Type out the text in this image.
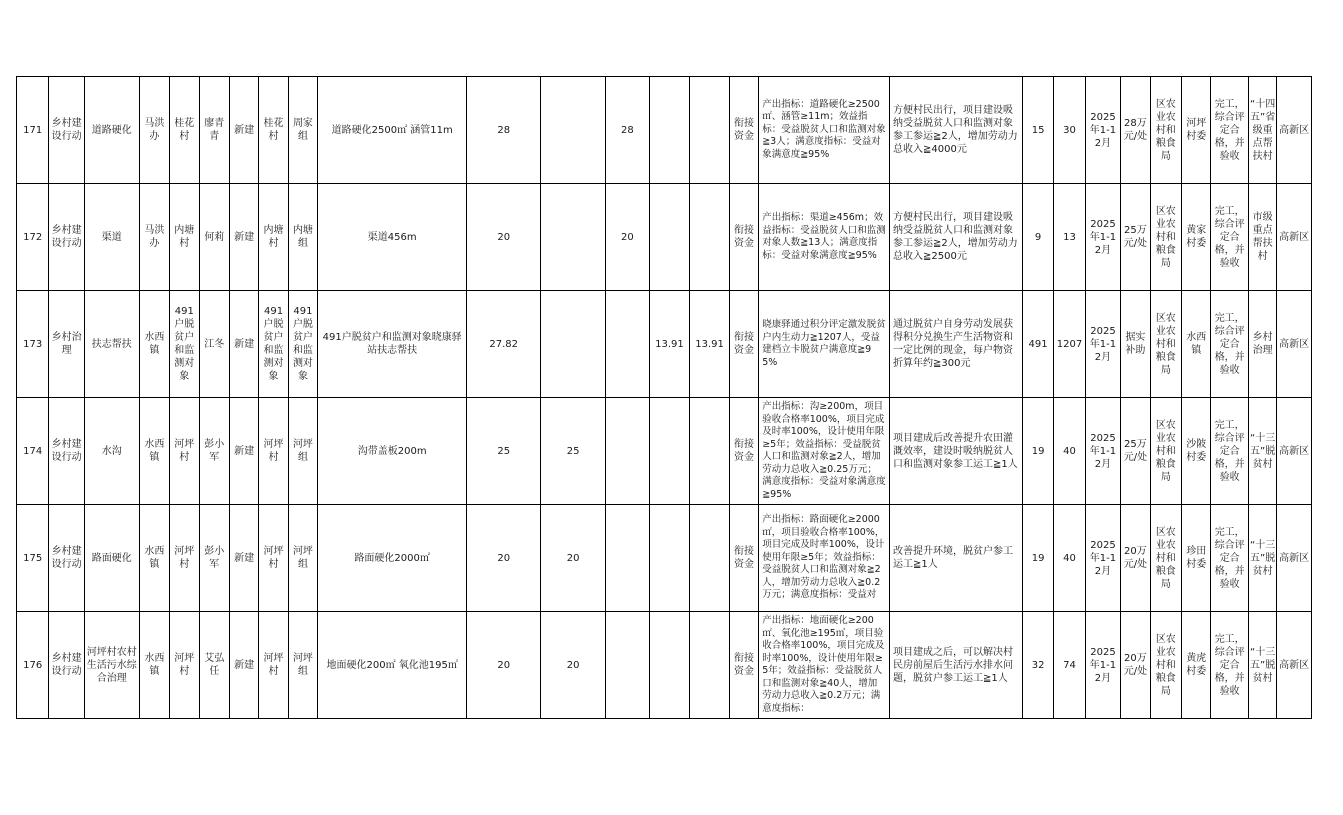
171	乡村建设行动	道路硬化	马洪办	桂花村	廖青青	新建	桂花村	周家组	道路硬化2500㎡ 涵管11m	28		28			衔接资金	产出指标：道路硬化≥2500㎡、涵管≥11m；效益指标：受益脱贫人口和监测对象≧3人；满意度指标：受益对象满意度≧95%	方便村民出行，项目建设吸纳受益脱贫人口和监测对象参工参运≧2人，增加劳动力总收入≧4000元	15	30	2025年1-12月	28万元/处	区农业农村和粮食局	河坪村委	完工，综合评定合格，并验收	“十四五”省级重点帮扶村	高新区
172	乡村建设行动	渠道	马洪办	内塘村	何莉	新建	内塘村	内塘组	渠道456m	20		20			衔接资金	产出指标：渠道≥456m；效益指标：受益脱贫人口和监测对象人数≧13人；满意度指标：受益对象满意度≧95%	方便村民出行，项目建设吸纳受益脱贫人口和监测对象参工参运≧2人，增加劳动力总收入≧2500元	9	13	2025年1-12月	25万元/处	区农业农村和粮食局	黄家村委	完工，综合评定合格，并验收	市级重点帮扶村	高新区
173	乡村治理	扶志帮扶	水西镇	491户脱贫户和监测对象	江冬	新建	491户脱贫户和监测对象	491户脱贫户和监测对象	491户脱贫户和监测对象晓康驿站扶志帮扶	27.82			13.91	13.91	衔接资金	晓康驿通过积分评定激发脱贫户内生动力≧1207人，受益建档立卡脱贫户满意度≧95%	通过脱贫户自身劳动发展获得积分兑换生产生活物资和一定比例的现金，每户物资折算年约≧300元	491	1207	2025年1-12月	据实补助	区农业农村和粮食局	水西镇	完工，综合评定合格，并验收	乡村治理	高新区
174	乡村建设行动	水沟	水西镇	河坪村	彭小军	新建	河坪村	河坪组	沟带盖板200m	25	25				衔接资金	产出指标：沟≥200m，项目验收合格率100%，项目完成及时率100%，设计使用年限≥5年；效益指标：受益脱贫人口和监测对象≧2人，增加劳动力总收入≧0.25万元；满意度指标：受益对象满意度≧95%	项目建成后改善提升农田灌溉效率，建设时吸纳脱贫人口和监测对象参工运工≧1人	19	40	2025年1-12月	25万元/处	区农业农村和粮食局	沙陂村委	完工，综合评定合格，并验收	“十三五”脱贫村	高新区
175	乡村建设行动	路面硬化	水西镇	河坪村	彭小军	新建	河坪村	河坪组	路面硬化2000㎡	20	20				衔接资金	产出指标：路面硬化≥2000㎡，项目验收合格率100%，项目完成及时率100%，设计使用年限≥5年；效益指标：受益脱贫人口和监测对象≧2人，增加劳动力总收入≧0.2万元；满意度指标：受益对	改善提升环境，脱贫户参工运工≧1人	19	40	2025年1-12月	20万元/处	区农业农村和粮食局	珍田村委	完工，综合评定合格，并验收	“十三五”脱贫村	高新区
176	乡村建设行动	河坪村农村生活污水综合治理	水西镇	河坪村	艾弘任	新建	河坪村	河坪组	地面硬化200㎡ 氧化池195㎥	20	20				衔接资金	产出指标：地面硬化≥200㎡、氧化池≥195㎥，项目验收合格率100%，项目完成及时率100%，设计使用年限≥5年；效益指标：受益脱贫人口和监测对象≧40人，增加劳动力总收入≧0.2万元；满意度指标：	项目建成之后，可以解决村民房前屋后生活污水排水问题，脱贫户参工运工≧1人	32	74	2025年1-12月	20万元/处	区农业农村和粮食局	黄虎村委	完工，综合评定合格，并验收	“十三五”脱贫村	高新区
